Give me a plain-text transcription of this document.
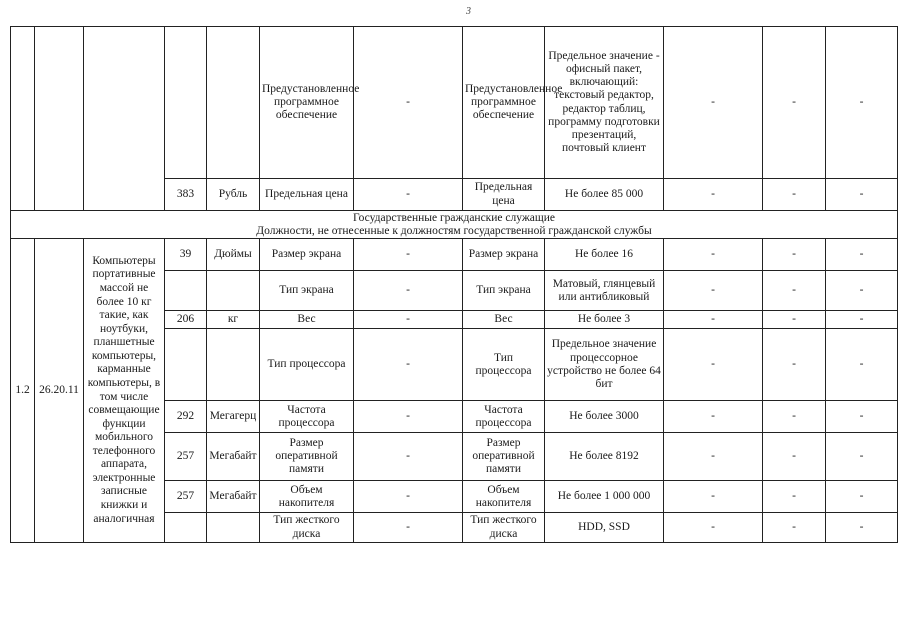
3
					Предустановленное программное обеспечение	-	Предустановленное программное обеспечение	Предельное значение - офисный пакет, включающий: текстовый редактор, редактор таблиц, программу подготовки презентаций, почтовый клиент	-	-	-
			383	Рубль	Предельная цена	-	Предельная цена	Не более 85 000	-	-	-

Государственные гражданские служащие
Должности, не отнесенные к должностям государственной гражданской службы											

1.2	26.20.11	Компьютеры портативные массой не более 10 кг такие, как ноутбуки, планшетные компьютеры, карманные компьютеры, в том числе совмещающие функции мобильного телефонного аппарата, электронные записные книжки и аналогичная	39	Дюймы	Размер экрана	-	Размер экрана	Не более 16	-	-	-
					Тип экрана	-	Тип экрана	Матовый, глянцевый или антибликовый	-	-	-
			206	кг	Вес	-	Вес	Не более 3	-	-	-
					Тип процессора	-	Тип процессора	Предельное значение процессорное устройство не более 64 бит	-	-	-
			292	Мегагерц	Частота процессора	-	Частота процессора	Не более 3000	-	-	-
			257	Мегабайт	Размер оперативной памяти	-	Размер оперативной памяти	Не более 8192	-	-	-
			257	Мегабайт	Объем накопителя	-	Объем накопителя	Не более 1 000 000	-	-	-
					Тип жесткого диска	-	Тип жесткого диска	HDD, SSD	-	-	-
